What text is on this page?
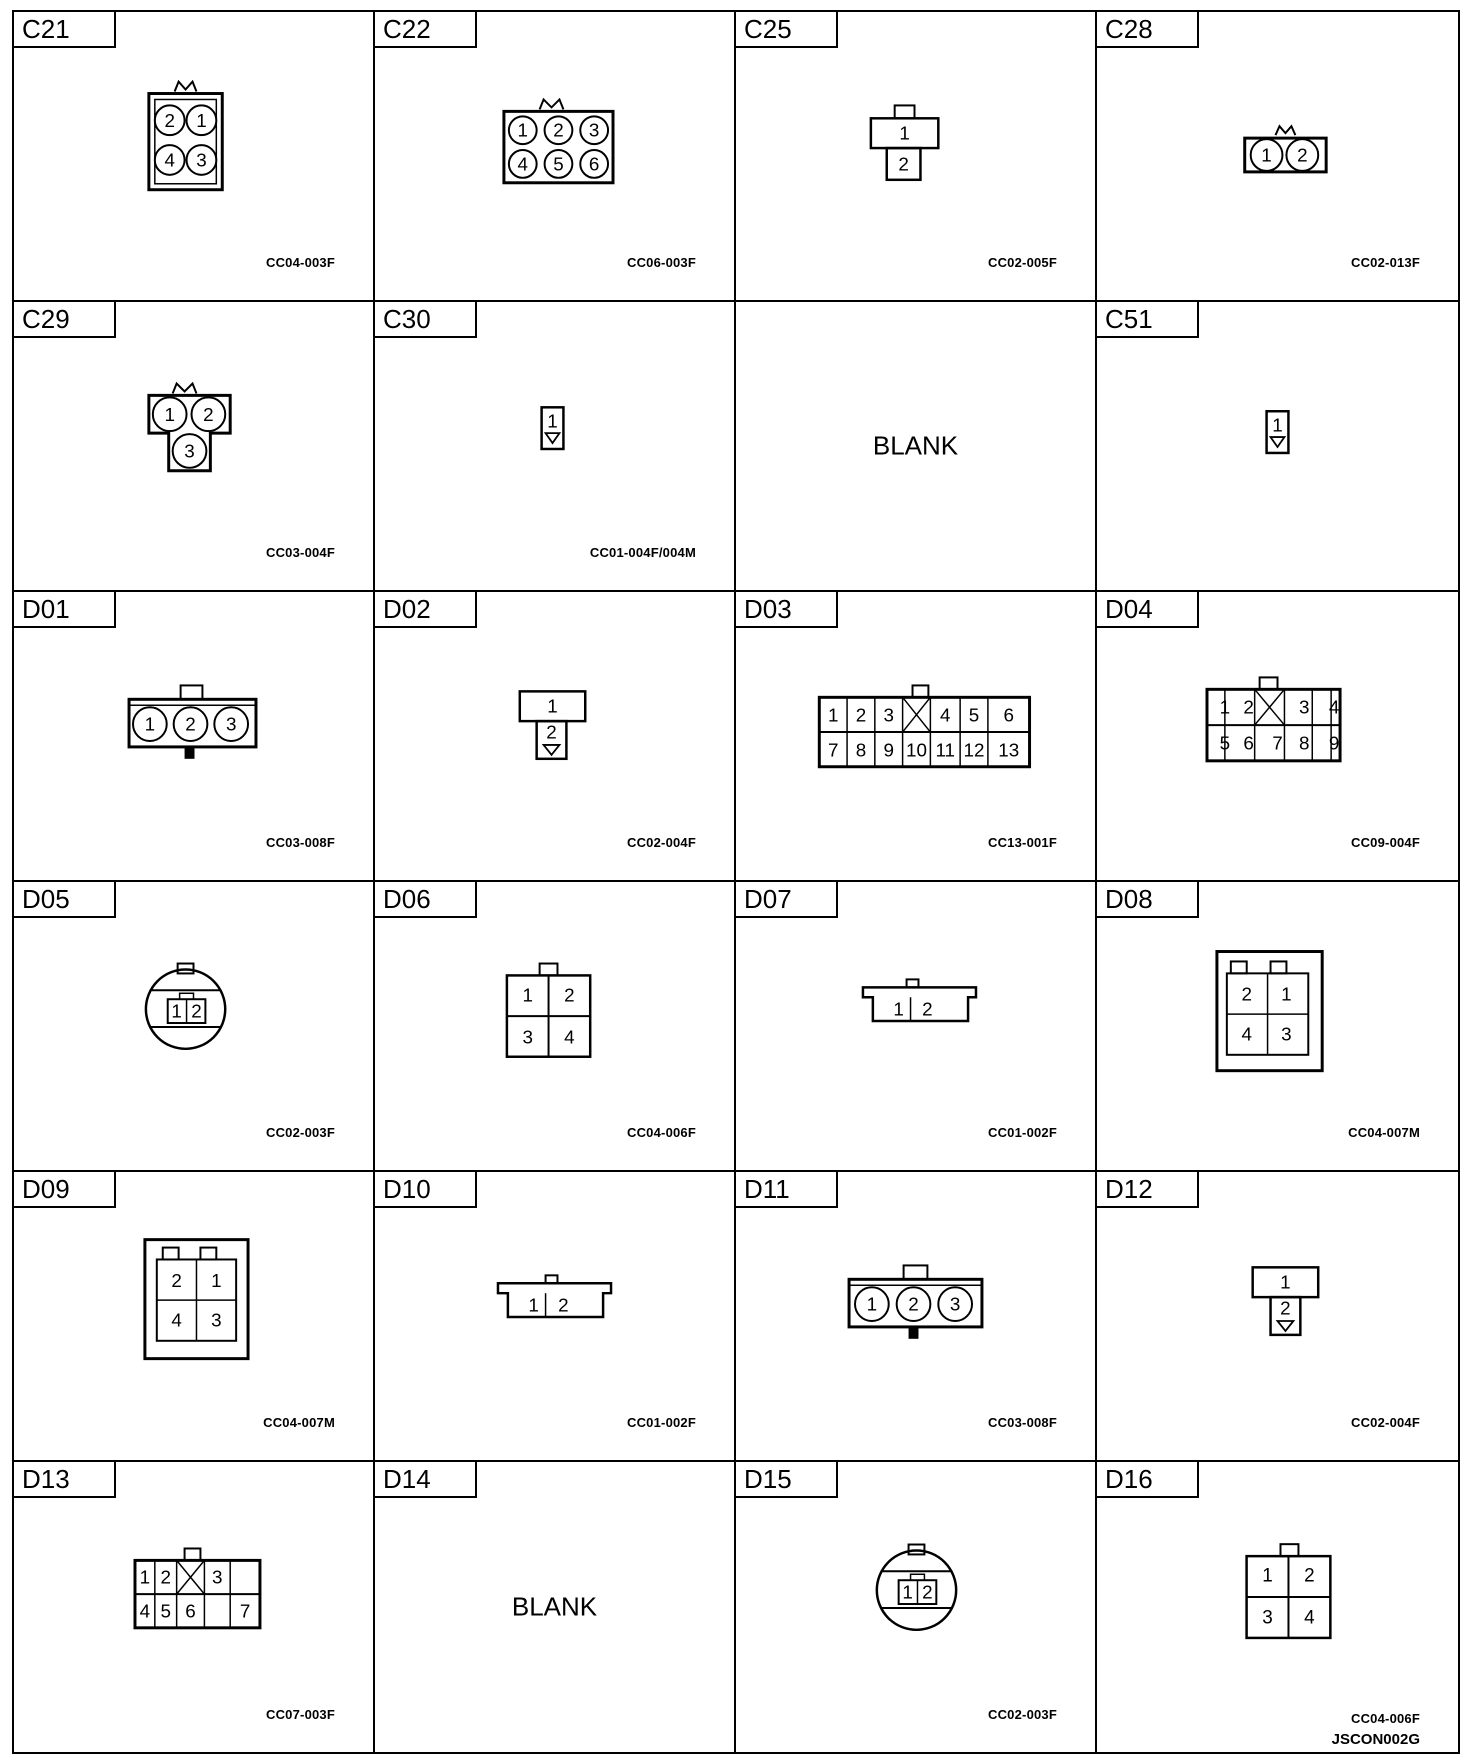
C21
2 1
4 3
CC04-003F
C22
1 2 3
4 5 6
CC06-003F
C25
1
2
CC02-005F
C28
1 2
CC02-013F
C29
1 2
3
CC03-004F
C30
1
CC01-004F/004M
BLANK
C51
1
D01
1 2 3
CC03-008F
D02
1
2
CC02-004F
D03
1 2 3 4 5 6
7 8 9 10 11 12 13
CC13-001F
D04
1 2 3 4
5 6 7 8 9
CC09-004F
D05
1 2
CC02-003F
D06
1 2
3 4
CC04-006F
D07
1 2
CC01-002F
D08
2 1
4 3
CC04-007M
D09
2 1
4 3
CC04-007M
D10
1 2
CC01-002F
D11
1 2 3
CC03-008F
D12
1
2
CC02-004F
D13
1 2 3
4 5 6 7
CC07-003F
D14
BLANK
D15
1 2
CC02-003F
D16
1 2
3 4
CC04-006F
JSCON002G
